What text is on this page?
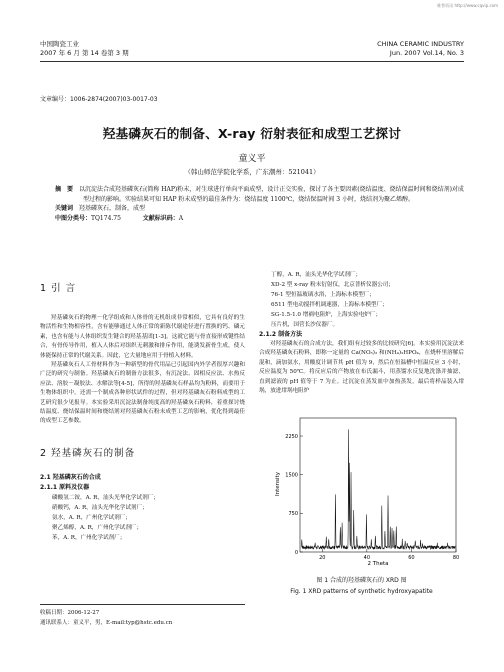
维普资讯 http://www.cqvip.com
中国陶瓷工业
2007 年 6 月 第 14 卷第 3 期
CHINA CERAMIC INDUSTRY
Jun. 2007 Vol.14, No. 3
文章编号：1006-2874(2007)03-0017-03
羟基磷灰石的制备、X-ray 衍射表征和成型工艺探讨
童义平
（韩山师范学院化学系，广东潮州：521041）
摘　要　 以沉淀法合成羟基磷灰石(简称 HAP)粉末，对生球进行单向平面成型，设计正交实验，探讨了各主要因素(烧结温度、烧结保温时间和烧结剂)对成型过程的影响。实验结果可知 HAP 粉末成型的最佳条件为：烧结温度 1100℃，烧结保温时间 3 小时，烧结剂为聚乙烯醇。
关键词　 羟基磷灰石，制备，成型
中图分类号：TQ174.75	文献标识码：A
1 引 言

羟基磷灰石的物理－化学组成和人体骨的无机组成非常相似，它具有良好的生物活性和生物相容性，含有能够通过人体正常的新陈代谢途径进行置换的钙、磷元素，也含有能与人体组织发生键合的羟基基团[1-3]。这就它能与骨直接形成键性结合，有骨传导作用，植入人体后对组织无刺激和排斥作用，能诱发新骨生成，使人体能保持正常的代谢关系。因此，它大量地应用于骨植入材料。

羟基磷灰石人工骨材料作为一种新型的骨代用品已引起国内外学者很厚兴趣和广泛的研究与制备。羟基磷灰石的制备方法很多，有沉淀法、固相反应法、水热反应法、溶胶－凝胶法、水解法等[4-5]，所得的羟基磷灰石样品均为粉料，而要用于生物体组织中，还需一个制成各种形状试件的过程，但对羟基磷灰石粉料成型的工艺研究很少见报导。本实验采用沉淀法制备纯度高的羟基磷灰石粉料，着重探讨烧结温度、烧结保温时间和烧结剂对羟基磷灰石粉末成型工艺的影响，优化得到最佳的成型工艺参数。

2 羟基磷灰石的制备
2.1 羟基磷灰石的合成
2.1.1 原料及仪器
磷酸氢二铵，A. R，汕头光华化学试剂厂；
硝酸钙，A. R，汕头光华化学试剂厂；
氨水，A. R，广州化学试剂厂；
聚乙烯醇，A. R，广州化学试剂厂；
苯，A. R，广州化学试剂厂；
丁醇，A. R，汕头光华化学试剂厂；
XD-2 型 x-ray 粉末衍射仪，北京普析仪器公司；
76-1 型恒温玻璃水浴，上海标本模型厂；
6511 型电动搅拌机调速器，上海标本模型厂；
SG-1.5-1.0 增祸电阻炉，上海实验电炉厂；
压片机，国营长沙仪器厂。
2.1.2 制备方法

对羟基磷灰石的合成方法，我们组有过较多的比较研究[6]。本实验用沉淀法来合成羟基磷灰石粉料，即称一定量的 Ca(NO₃)₂ 和(NH₄)₂HPO₄，在烧杯里溶解后混和，滴加氨水，用酸度计调节其 pH 值为 9，然后在恒温槽中恒温反应 3 小时，反应温度为 50℃。将反应后的产物放在布氏漏斗，用蒸馏水反复地洗涤并抽滤，直到滤液的 pH 值等于 7 为止。过沉淀在蒸发皿中加热蒸发，最后将样品装入坩埚，放进坩埚电阻炉

0
750
1500
2250
20	40	60	80
Intensity
2 Theta
图 1 合成的羟基磷灰石的 XRD 图
Fig. 1 XRD patterns of synthetic hydroxyapatite
收稿日期：2006-12-27
通讯联系人：童义平，男，E-mail:typ@hstc.edu.cn
